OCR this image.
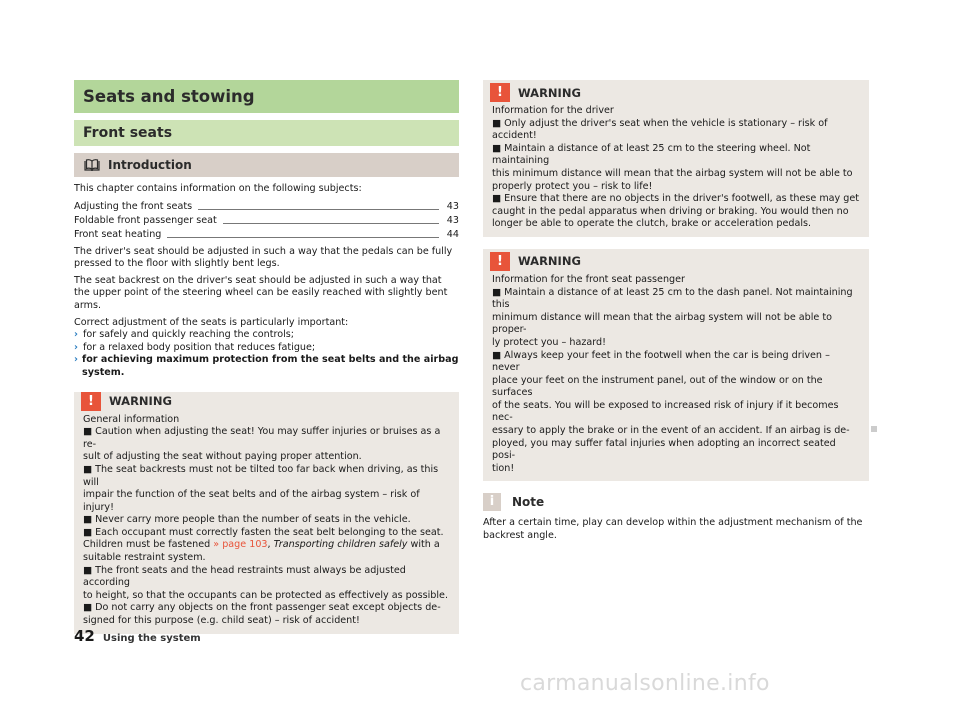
Seats and stowing
Front seats
Introduction

This chapter contains information on the following subjects:

Adjusting the front seats	43
Foldable front passenger seat	43
Front seat heating	44

The driver's seat should be adjusted in such a way that the pedals can be fully pressed to the floor with slightly bent legs.

The seat backrest on the driver's seat should be adjusted in such a way that the upper point of the steering wheel can be easily reached with slightly bent arms.

Correct adjustment of the seats is particularly important:

› for safely and quickly reaching the controls;
› for a relaxed body position that reduces fatigue;
› for achieving maximum protection from the seat belts and the airbag system.
!	WARNING

General information

■ Caution when adjusting the seat! You may suffer injuries or bruises as a re-

sult of adjusting the seat without paying proper attention.

■ The seat backrests must not be tilted too far back when driving, as this will

impair the function of the seat belts and of the airbag system – risk of injury!

■ Never carry more people than the number of seats in the vehicle.

■ Each occupant must correctly fasten the seat belt belonging to the seat.

Children must be fastened » page 103, Transporting children safely with a

suitable restraint system.

■ The front seats and the head restraints must always be adjusted according

to height, so that the occupants can be protected as effectively as possible.

■ Do not carry any objects on the front passenger seat except objects de-

signed for this purpose (e.g. child seat) – risk of accident!

!	WARNING

Information for the driver

■ Only adjust the driver's seat when the vehicle is stationary – risk of accident!

■ Maintain a distance of at least 25 cm to the steering wheel. Not maintaining

this minimum distance will mean that the airbag system will not be able to

properly protect you – risk to life!

■ Ensure that there are no objects in the driver's footwell, as these may get

caught in the pedal apparatus when driving or braking. You would then no

longer be able to operate the clutch, brake or acceleration pedals.

!	WARNING

Information for the front seat passenger

■ Maintain a distance of at least 25 cm to the dash panel. Not maintaining this

minimum distance will mean that the airbag system will not be able to proper-

ly protect you – hazard!

■ Always keep your feet in the footwell when the car is being driven – never

place your feet on the instrument panel, out of the window or on the surfaces

of the seats. You will be exposed to increased risk of injury if it becomes nec-

essary to apply the brake or in the event of an accident. If an airbag is de-

ployed, you may suffer fatal injuries when adopting an incorrect seated posi-

tion!

i	Note

After a certain time, play can develop within the adjustment mechanism of the backrest angle.

42 Using the system
carmanualsonline.info
